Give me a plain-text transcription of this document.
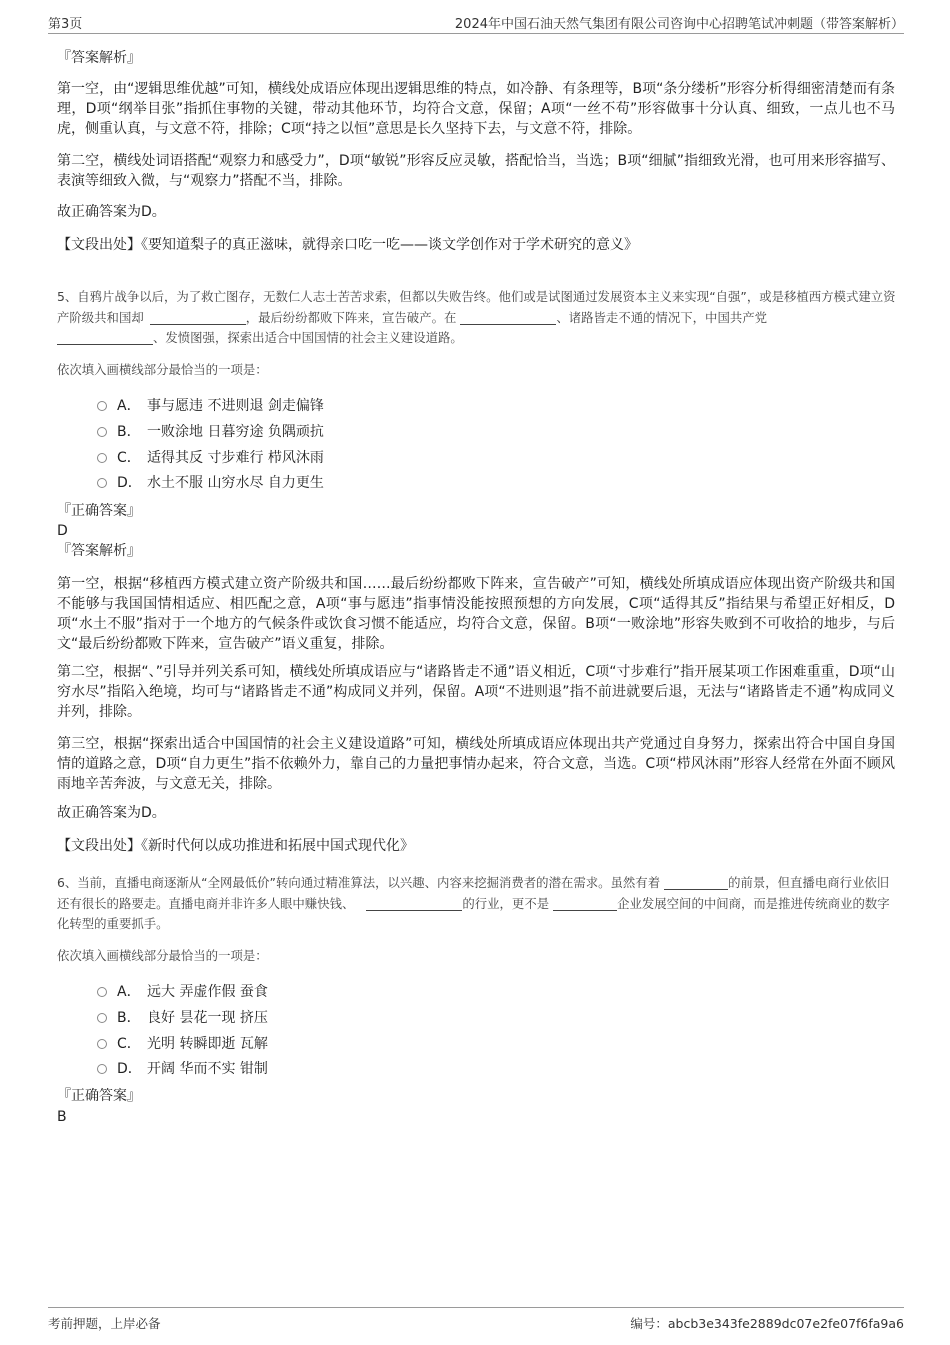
第3页	2024年中国石油天然气集团有限公司咨询中心招聘笔试冲刺题（带答案解析）
『答案解析』
第一空，由“逻辑思维优越”可知，横线处成语应体现出逻辑思维的特点，如冷静、有条理等，B项“条分缕析”形容分析得细密清楚而有条理，D项“纲举目张”指抓住事物的关键，带动其他环节，均符合文意，保留；A项“一丝不苟”形容做事十分认真、细致，一点儿也不马虎，侧重认真，与文意不符，排除；C项“持之以恒”意思是长久坚持下去，与文意不符，排除。
第二空，横线处词语搭配“观察力和感受力”，D项“敏锐”形容反应灵敏，搭配恰当，当选；B项“细腻”指细致光滑，也可用来形容描写、表演等细致入微，与“观察力”搭配不当，排除。
故正确答案为D。
【文段出处】《要知道梨子的真正滋味，就得亲口吃一吃——谈文学创作对于学术研究的意义》
5、自鸦片战争以后，为了救亡图存，无数仁人志士苦苦求索，但都以失败告终。他们或是试图通过发展资本主义来实现“自强”，或是移植西方模式建立资产阶级共和国却	，最后纷纷都败下阵来，宣告破产。在	、诸路皆走不通的情况下，中国共产党
、发愤图强，探索出适合中国国情的社会主义建设道路。
依次填入画横线部分最恰当的一项是：
A． 事与愿违 不进则退 剑走偏锋
B． 一败涂地 日暮穷途 负隅顽抗
C． 适得其反 寸步难行 栉风沐雨
D． 水土不服 山穷水尽 自力更生
『正确答案』
D
『答案解析』
第一空，根据“移植西方模式建立资产阶级共和国……最后纷纷都败下阵来，宣告破产”可知，横线处所填成语应体现出资产阶级共和国不能够与我国国情相适应、相匹配之意，A项“事与愿违”指事情没能按照预想的方向发展，C项“适得其反”指结果与希望正好相反，D项“水土不服”指对于一个地方的气候条件或饮食习惯不能适应，均符合文意，保留。B项“一败涂地”形容失败到不可收拾的地步，与后文“最后纷纷都败下阵来，宣告破产”语义重复，排除。
第二空，根据“、”引导并列关系可知，横线处所填成语应与“诸路皆走不通”语义相近，C项“寸步难行”指开展某项工作困难重重，D项“山穷水尽”指陷入绝境，均可与“诸路皆走不通”构成同义并列，保留。A项“不进则退”指不前进就要后退，无法与“诸路皆走不通”构成同义并列，排除。
第三空，根据“探索出适合中国国情的社会主义建设道路”可知，横线处所填成语应体现出共产党通过自身努力，探索出符合中国自身国情的道路之意，D项“自力更生”指不依赖外力，靠自己的力量把事情办起来，符合文意，当选。C项“栉风沐雨”形容人经常在外面不顾风雨地辛苦奔波，与文意无关，排除。
故正确答案为D。
【文段出处】《新时代何以成功推进和拓展中国式现代化》
6、当前，直播电商逐渐从“全网最低价”转向通过精准算法，以兴趣、内容来挖掘消费者的潜在需求。虽然有着	的前景，但直播电商行业依旧还有很长的路要走。直播电商并非许多人眼中赚快钱、	的行业，更不是	企业发展空间的中间商，而是推进传统商业的数字化转型的重要抓手。
依次填入画横线部分最恰当的一项是：
A． 远大 弄虚作假 蚕食
B． 良好 昙花一现 挤压
C． 光明 转瞬即逝 瓦解
D． 开阔 华而不实 钳制
『正确答案』
B
考前押题，上岸必备	编号：abcb3e343fe2889dc07e2fe07f6fa9a6
